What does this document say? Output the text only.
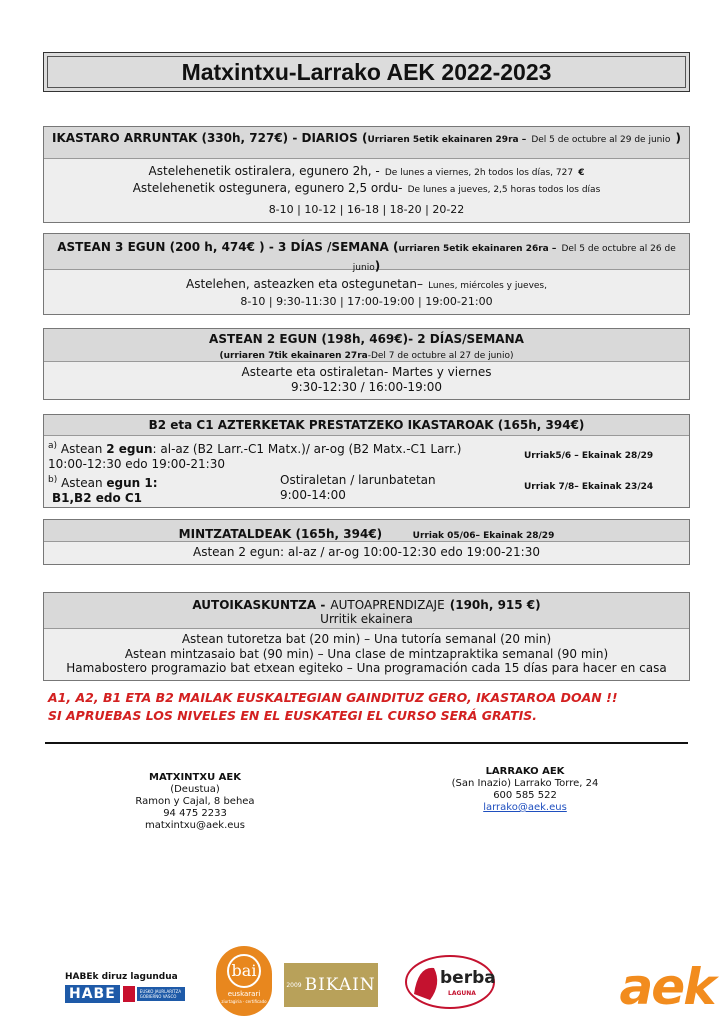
Matxintxu-Larrako AEK 2022-2023
IKASTARO ARRUNTAK (330h, 727€) - DIARIOS (Urriaren 5etik ekainaren 29ra – Del 5 de octubre al 29 de junio )
Astelehenetik ostiralera, egunero 2h, - De lunes a viernes, 2h todos los días, 727 €
Astelehenetik ostegunera, egunero 2,5 ordu- De lunes a jueves, 2,5 horas todos los días
8-10 | 10-12 | 16-18 | 18-20 | 20-22
ASTEAN 3 EGUN (200 h, 474€ ) - 3 DÍAS /SEMANA (urriaren 5etik ekainaren 26ra – Del 5 de octubre al 26 de junio)
Astelehen, asteazken eta ostegunetan– Lunes, miércoles y jueves,
8-10 | 9:30-11:30 | 17:00-19:00 | 19:00-21:00
ASTEAN 2 EGUN (198h, 469€)- 2 DÍAS/SEMANA
(urriaren 7tik ekainaren 27ra-Del 7 de octubre al 27 de junio)
Astearte eta ostiraletan- Martes y viernes
9:30-12:30 / 16:00-19:00
B2 eta C1 AZTERKETAK PRESTATZEKO IKASTAROAK (165h, 394€)
$^{a)}$ Astean 2 egun: al-az (B2 Larr.-C1 Matx.)/ ar-og (B2 Matx.-C1 Larr.)
10:00-12:30 edo 19:00-21:30
Urriak5/6 – Ekainak 28/29
$^{b)}$ Astean egun 1:
B1,B2 edo C1
Ostiraletan / larunbatetan
9:00-14:00
Urriak 7/8– Ekainak 23/24
MINTZATALDEAK (165h, 394€)	Urriak 05/06– Ekainak 28/29
Astean 2 egun: al-az / ar-og 10:00-12:30 edo 19:00-21:30
AUTOIKASKUNTZA - AUTOAPRENDIZAJE (190h, 915 €)
Urritik ekainera
Astean tutoretza bat (20 min) – Una tutoría semanal (20 min)
Astean mintzasaio bat (90 min) – Una clase de mintzapraktika semanal (90 min)
Hamabostero programazio bat etxean egiteko – Una programación cada 15 días para hacer en casa
A1, A2, B1 ETA B2 MAILAK EUSKALTEGIAN GAINDITUZ GERO, IKASTAROA DOAN !!
SI APRUEBAS LOS NIVELES EN EL EUSKATEGI EL CURSO SERÁ GRATIS.
MATXINTXU AEK
(Deustua)
Ramon y Cajal, 8 behea
94 475 2233
matxintxu@aek.eus
LARRAKO AEK
(San Inazio) Larrako Torre, 24
600 585 522
larrako@aek.eus
HABEk diruz lagundua
HABE	EUSKO JAURLARITZA GOBIERNO VASCO
bai
euskarari
ziurtagiria · certificado
2009 BIKAIN	berba
LAGUNA	aek
